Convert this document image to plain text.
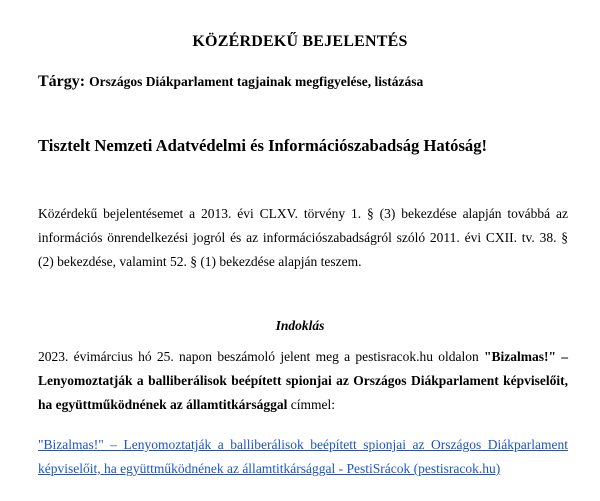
KÖZÉRDEKŰ BEJELENTÉS
Tárgy: Országos Diákparlament tagjainak megfigyelése, listázása
Tisztelt Nemzeti Adatvédelmi és Információszabadság Hatóság!
Közérdekű bejelentésemet a 2013. évi CLXV. törvény 1. § (3) bekezdése alapján továbbá az információs önrendelkezési jogról és az információszabadságról szóló 2011. évi CXII. tv. 38. § (2) bekezdése, valamint 52. § (1) bekezdése alapján teszem.
Indoklás
2023. évimárcius hó 25. napon beszámoló jelent meg a pestisracok.hu oldalon "Bizalmas!" – Lenyomoztatják a balliberálisok beépített spionjai az Országos Diákparlament képviselőit, ha együttműködnének az államtitkársággal címmel:
"Bizalmas!" – Lenyomoztatják a balliberálisok beépített spionjai az Országos Diákparlament képviselőit, ha együttműködnének az államtitkársággal - PestiSrácok (pestisracok.hu)
